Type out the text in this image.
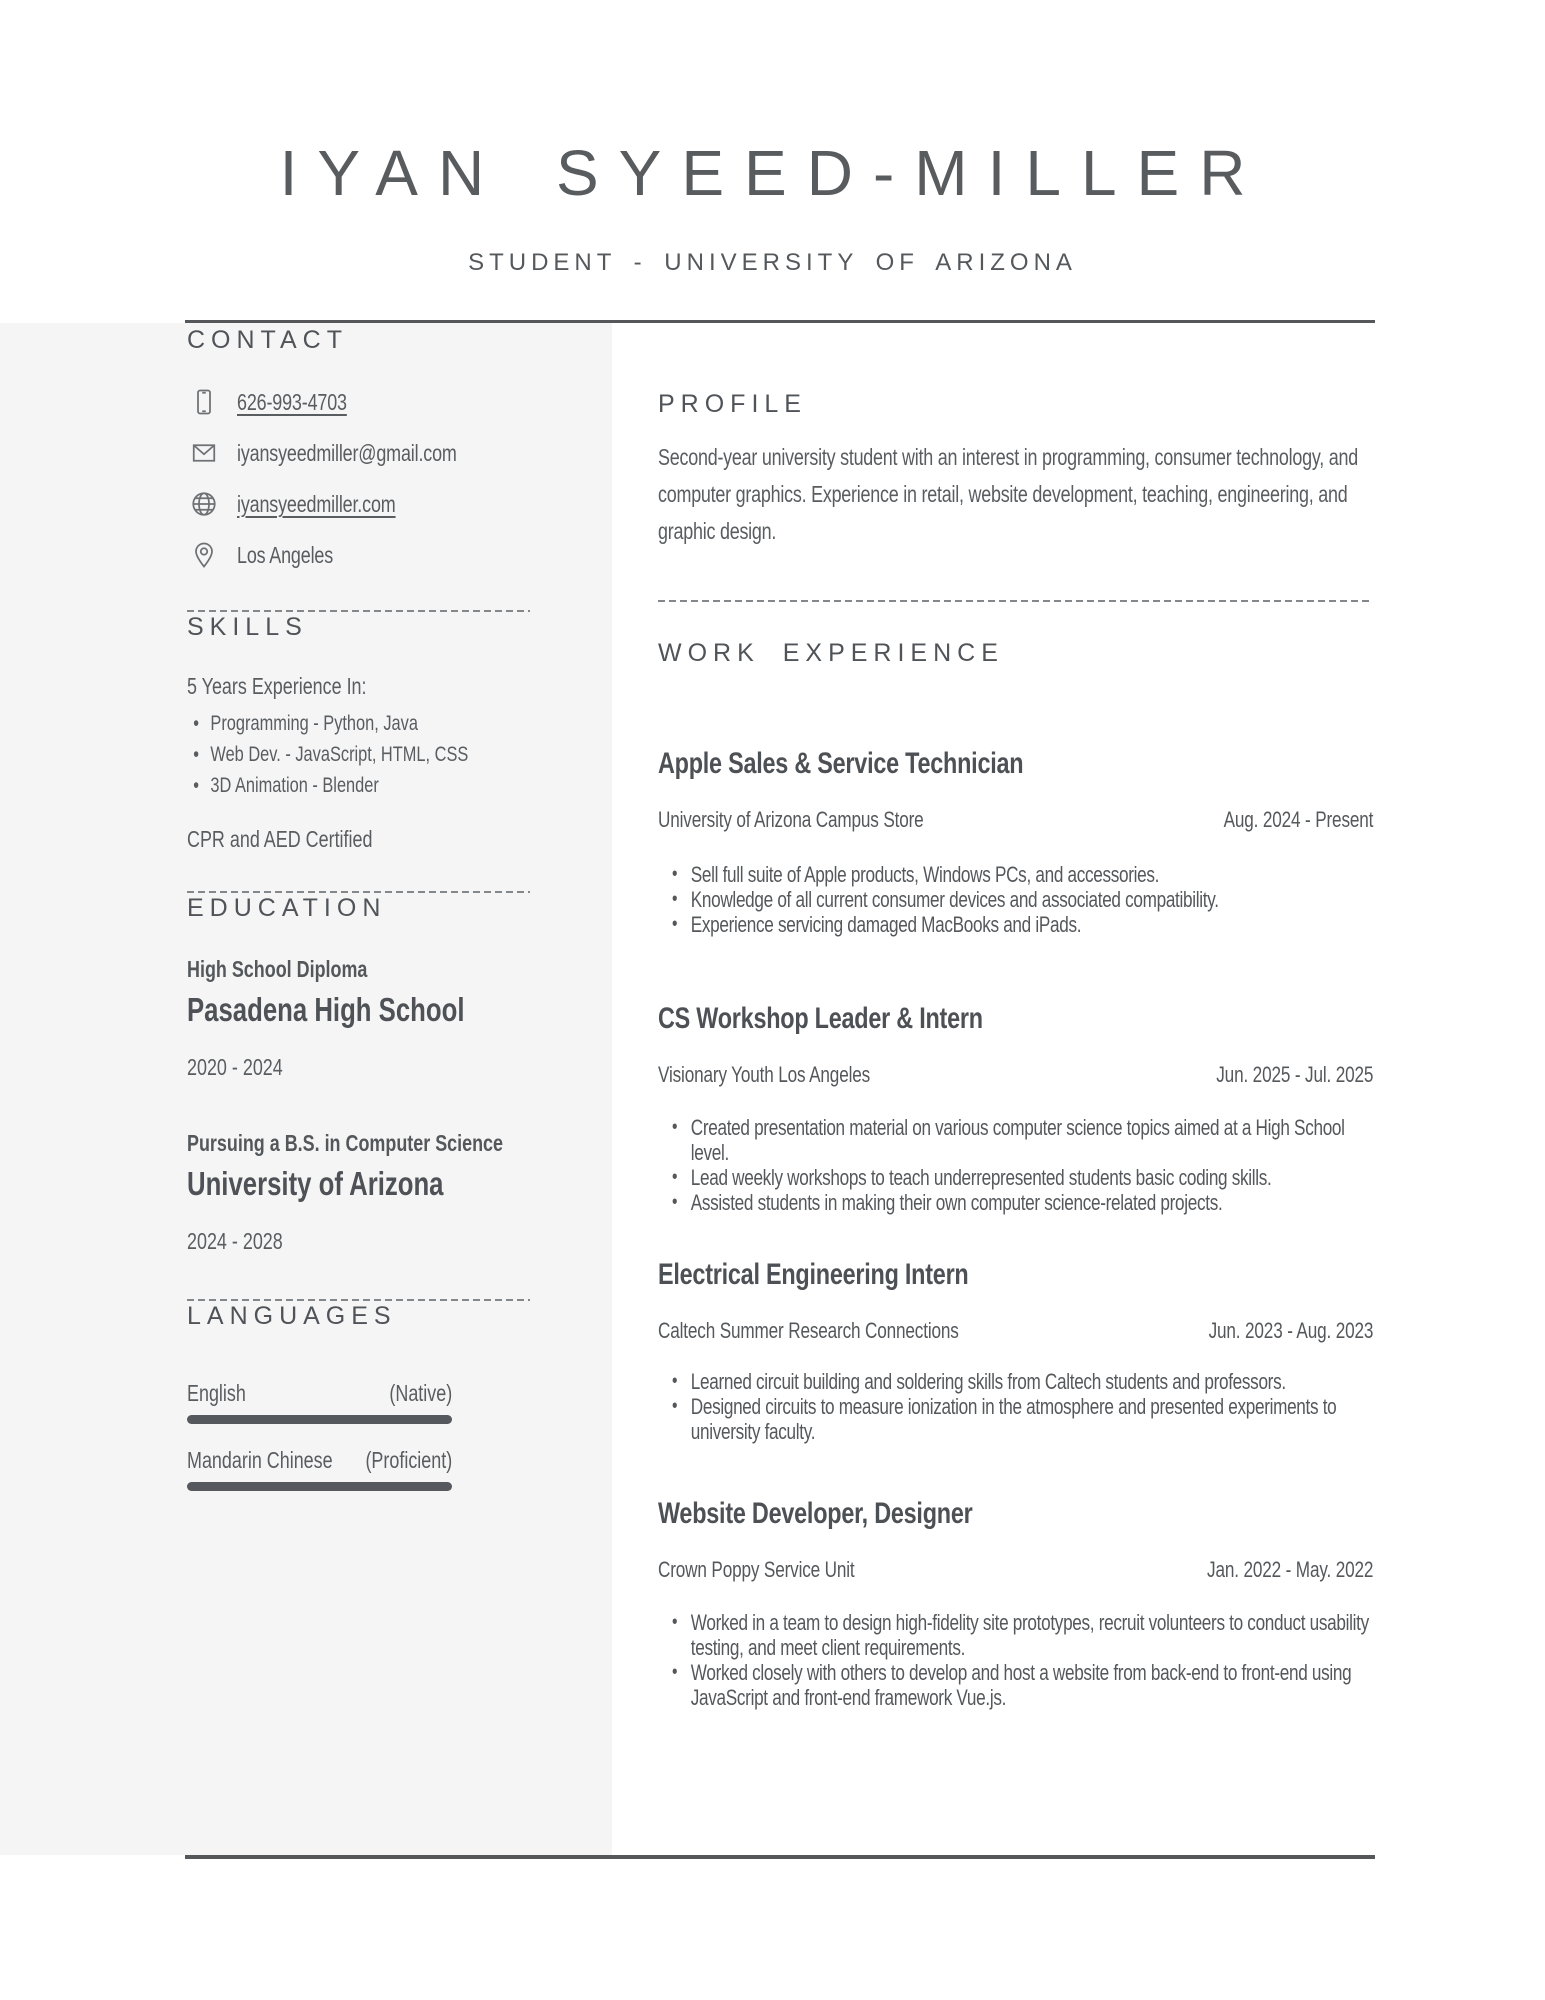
IYAN SYEED-MILLER
STUDENT - UNIVERSITY OF ARIZONA
CONTACT
626-993-4703
iyansyeedmiller@gmail.com
iyansyeedmiller.com
Los Angeles
SKILLS
5 Years Experience In:
• Programming - Python, Java
• Web Dev. - JavaScript, HTML, CSS
• 3D Animation - Blender
CPR and AED Certified
EDUCATION
High School Diploma
Pasadena High School
2020 - 2024
Pursuing a B.S. in Computer Science
University of Arizona
2024 - 2028
LANGUAGES
English	(Native)
Mandarin Chinese (Proficient)
PROFILE
Second-year university student with an interest in programming, consumer technology, and computer graphics. Experience in retail, website development, teaching, engineering, and graphic design.
WORK EXPERIENCE
Apple Sales & Service Technician
University of Arizona Campus Store	Aug. 2024 - Present
• Sell full suite of Apple products, Windows PCs, and accessories.
• Knowledge of all current consumer devices and associated compatibility.
• Experience servicing damaged MacBooks and iPads.
CS Workshop Leader & Intern
Visionary Youth Los Angeles	Jun. 2025 - Jul. 2025
• Created presentation material on various computer science topics aimed at a High School level.
• Lead weekly workshops to teach underrepresented students basic coding skills.
• Assisted students in making their own computer science-related projects.
Electrical Engineering Intern
Caltech Summer Research Connections	Jun. 2023 - Aug. 2023
• Learned circuit building and soldering skills from Caltech students and professors.
• Designed circuits to measure ionization in the atmosphere and presented experiments to university faculty.
Website Developer, Designer
Crown Poppy Service Unit	Jan. 2022 - May. 2022
• Worked in a team to design high-fidelity site prototypes, recruit volunteers to conduct usability testing, and meet client requirements.
• Worked closely with others to develop and host a website from back-end to front-end using JavaScript and front-end framework Vue.js.
